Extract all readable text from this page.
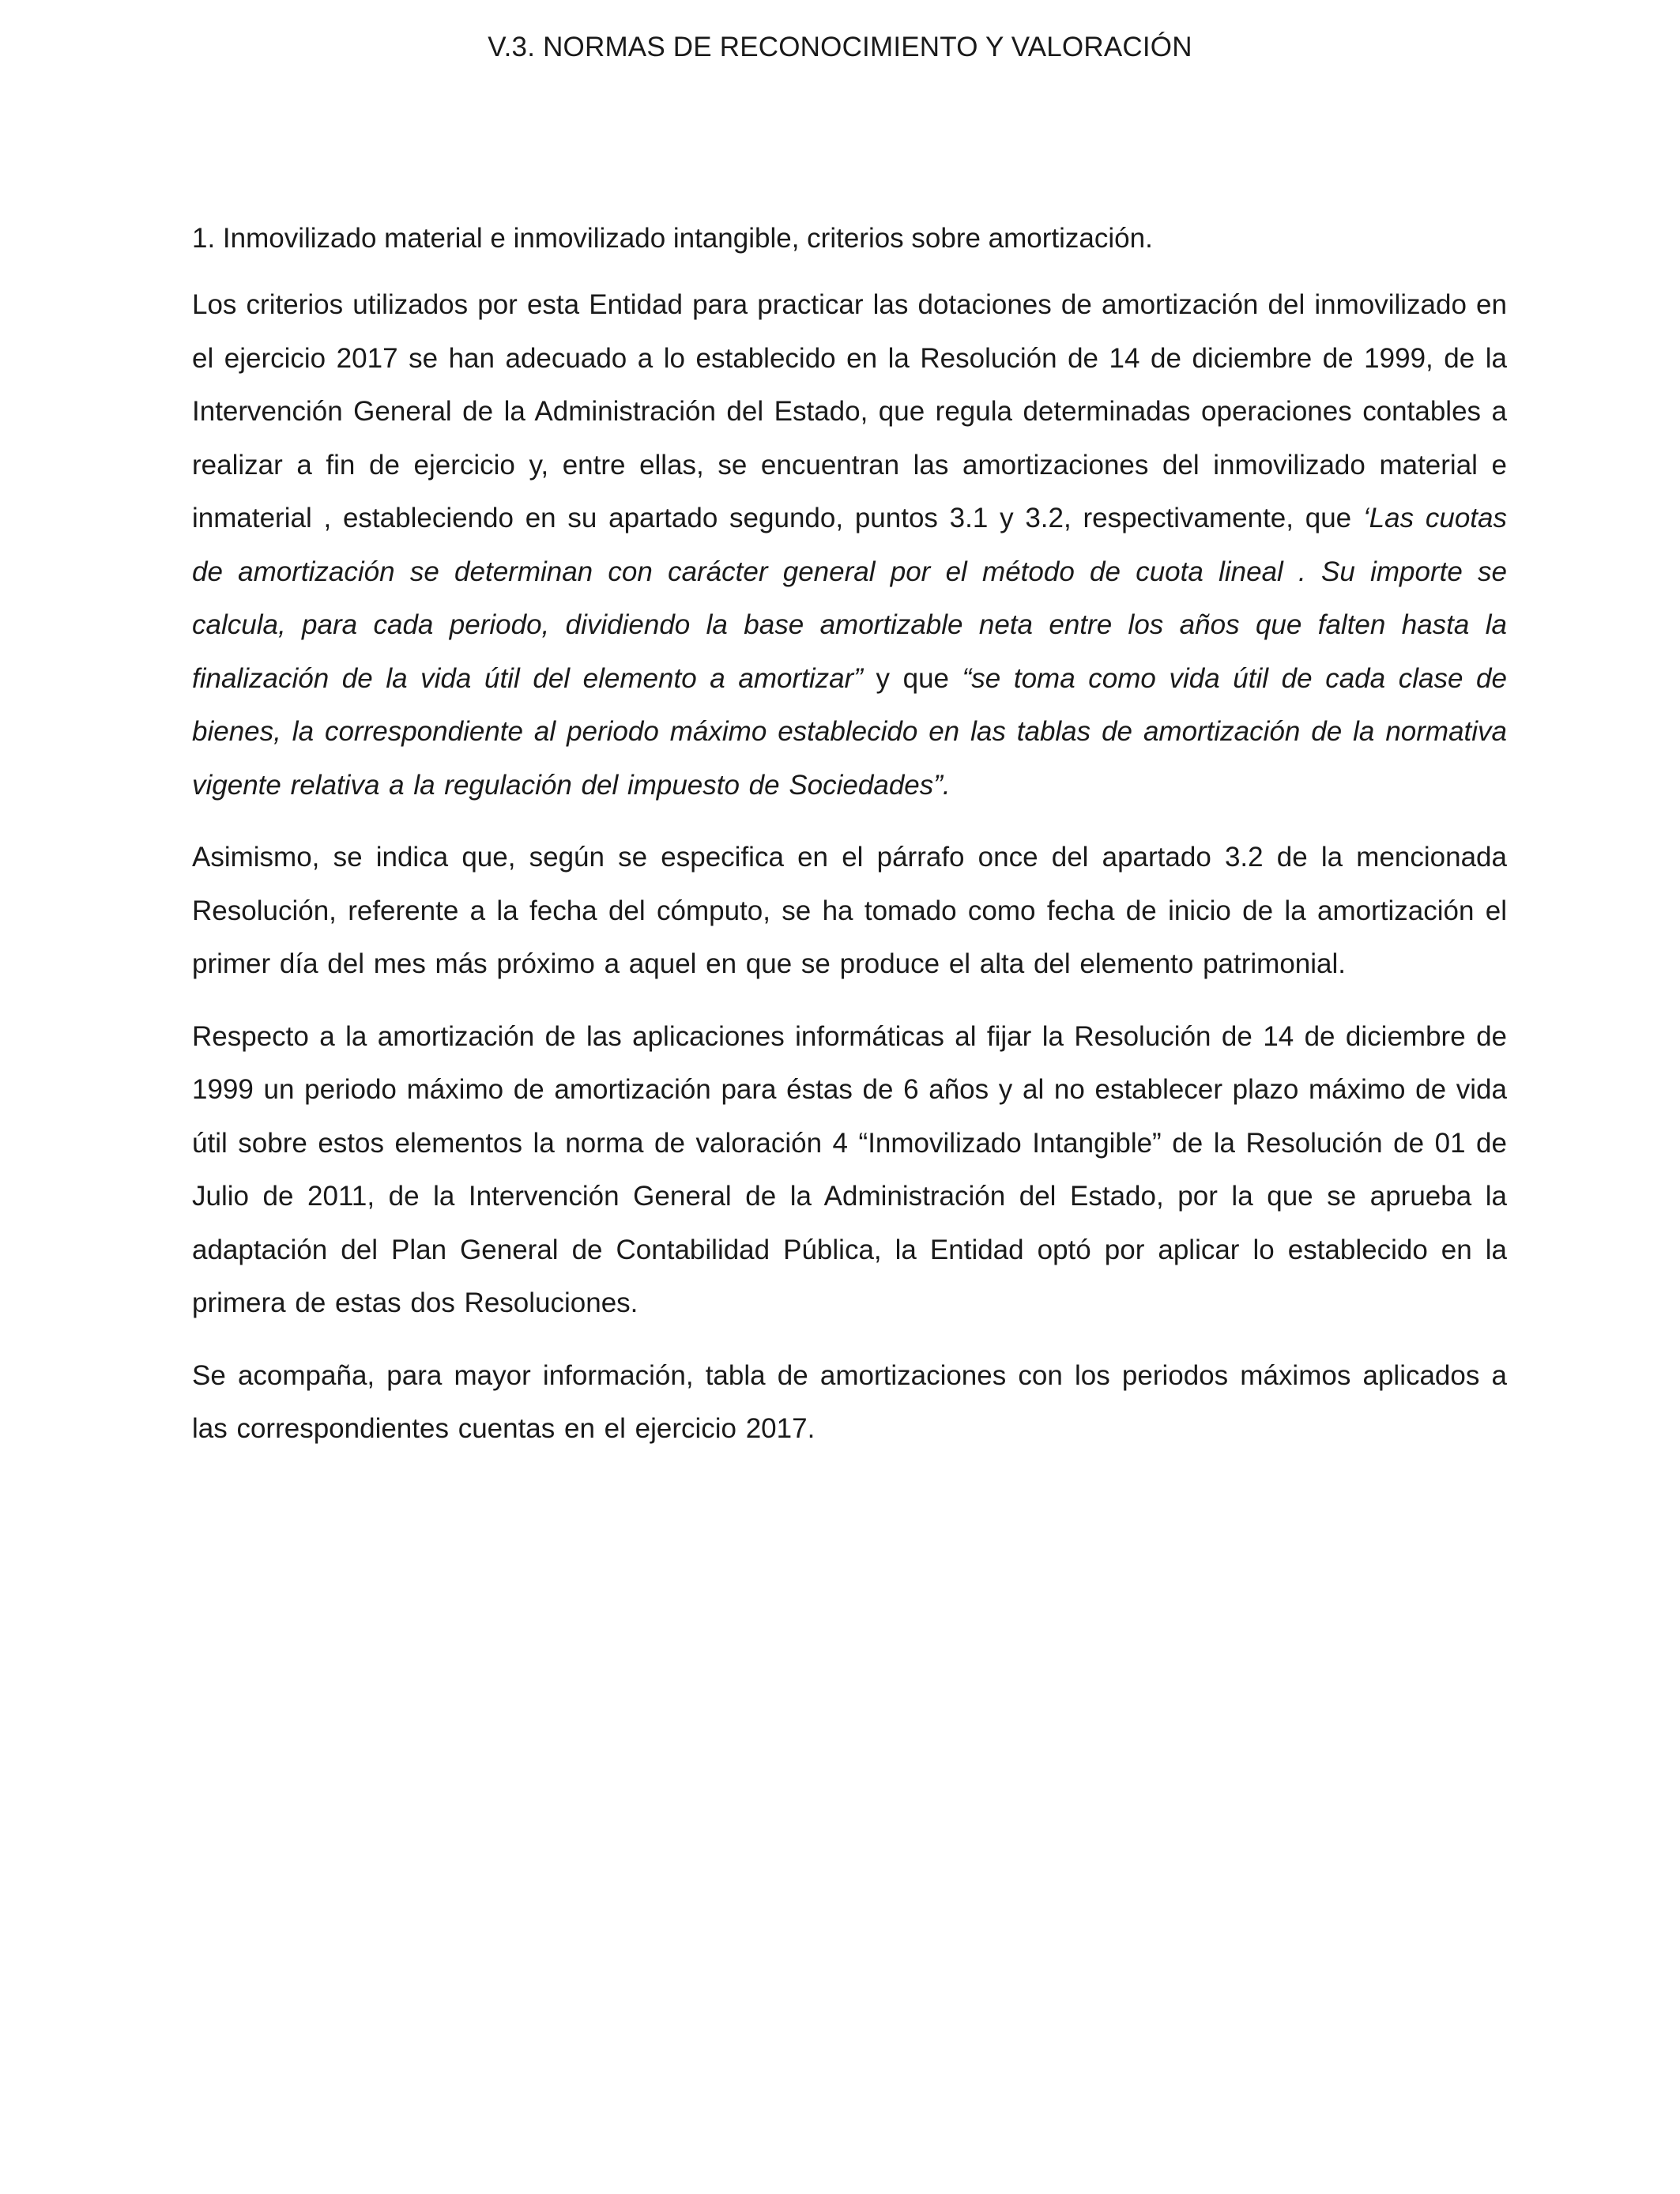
V.3. NORMAS DE RECONOCIMIENTO Y VALORACIÓN
1. Inmovilizado material e inmovilizado intangible, criterios sobre amortización.

Los criterios utilizados por esta Entidad para practicar las dotaciones de amortización del inmovilizado en el ejercicio 2017 se han adecuado a lo establecido en la Resolución de 14 de diciembre de 1999, de la Intervención General de la Administración del Estado, que regula determinadas operaciones contables a realizar a fin de ejercicio y, entre ellas, se encuentran las amortizaciones del inmovilizado material e inmaterial , estableciendo en su apartado segundo, puntos 3.1 y 3.2, respectivamente, que ‘Las cuotas de amortización se determinan con carácter general por el método de cuota lineal . Su importe se calcula, para cada periodo, dividiendo la base amortizable neta entre los años que falten hasta la finalización de la vida útil del elemento a amortizar” y que “se toma como vida útil de cada clase de bienes, la correspondiente al periodo máximo establecido en las tablas de amortización de la normativa vigente relativa a la regulación del impuesto de Sociedades”.

Asimismo, se indica que, según se especifica en el párrafo once del apartado 3.2 de la mencionada Resolución, referente a la fecha del cómputo, se ha tomado como fecha de inicio de la amortización el primer día del mes más próximo a aquel en que se produce el alta del elemento patrimonial.

Respecto a la amortización de las aplicaciones informáticas al fijar la Resolución de 14 de diciembre de 1999 un periodo máximo de amortización para éstas de 6 años y al no establecer plazo máximo de vida útil sobre estos elementos la norma de valoración 4 “Inmovilizado Intangible” de la Resolución de 01 de Julio de 2011, de la Intervención General de la Administración del Estado, por la que se aprueba la adaptación del Plan General de Contabilidad Pública, la Entidad optó por aplicar lo establecido en la primera de estas dos Resoluciones.

Se acompaña, para mayor información, tabla de amortizaciones con los periodos máximos aplicados a las correspondientes cuentas en el ejercicio 2017.
